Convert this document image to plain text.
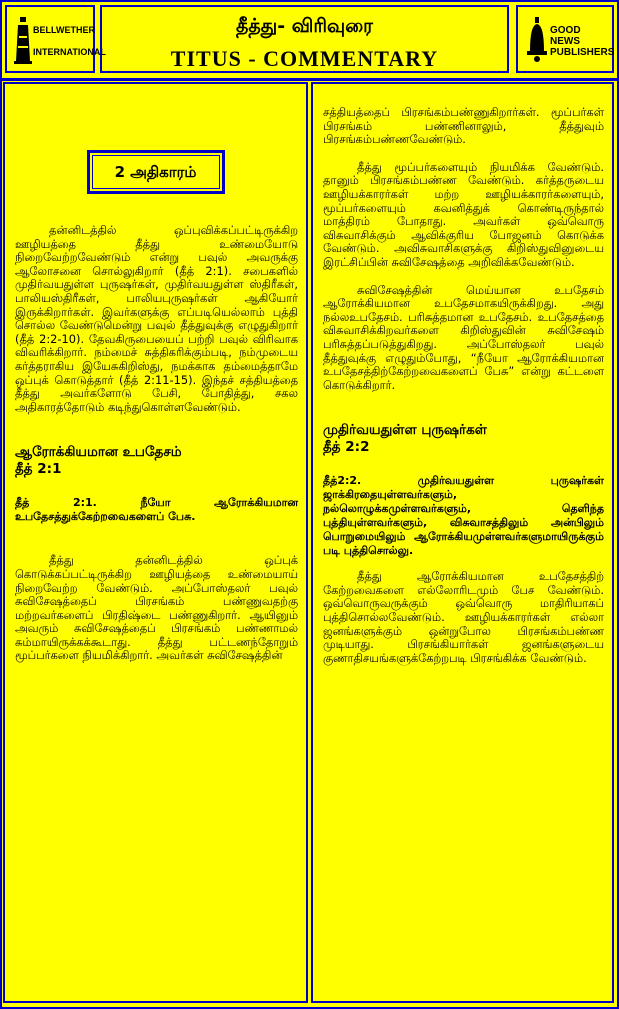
BELLWETHER
INTERNATIONAL
தீத்து- விரிவுரை
TITUS - COMMENTARY
GOOD NEWS
PUBLISHERS
2 அதிகாரம்

தன்னிடத்தில் ஒப்புவிக்கப்பட்டிருக்கிற ஊழியத்தை தீத்து உண்மையோடு நிறைவேற்றவேண்டும் என்று பவுல் அவருக்கு ஆலோசனை சொல்லுகிறார் (தீத் 2:1). சபைகளில் முதிர்வயதுள்ள புருஷர்கள், முதிர்வயதுள்ள ஸ்திரீகள், பாலியஸ்திரீகள், பாலியபுருஷர்கள் ஆகியோர் இருக்கிறார்கள். இவர்களுக்கு எப்படியெல்லாம் புத்தி சொல்ல வேண்டுமென்று பவுல் தீத்துவுக்கு எழுதுகிறார் (தீத் 2:2-10). தேவகிருபையைப் பற்றி பவுல் விரிவாக விவரிக்கிறார். நம்மைச் சுத்திகரிக்கும்படி, நம்முடைய கர்த்தராகிய இயேசுகிறிஸ்து, நமக்காக தம்மைத்தாமே ஒப்புக் கொடுத்தார் (தீத் 2:11-15). இந்தச் சத்தியத்தை தீத்து அவர்களோடு பேசி, போதித்து, சகல அதிகாரத்தோடும் கடிந்துகொள்ளவேண்டும்.

ஆரோக்கியமான உபதேசம்
தீத் 2:1

தீத் 2:1. நீயோ ஆரோக்கியமான உபதேசத்துக்கேற்றவைகளைப் பேசு.

தீத்து தன்னிடத்தில் ஒப்புக் கொடுக்கப்பட்டிருக்கிற ஊழியத்தை உண்மையாய் நிறைவேற்ற வேண்டும். அப்போஸ்தலர் பவுல் சுவிசேஷத்தைப் பிரசங்கம் பண்ணுவதற்கு மற்றவர்களைப் பிரதிஷ்டை பண்ணுகிறார். ஆயினும் அவரும் சுவிசேஷத்தைப் பிரசங்கம் பண்ணாமல் சும்மாயிருக்கக்கூடாது. தீத்து பட்டணந்தோறும் மூப்பர்களை நியமிக்கிறார். அவர்கள் சுவிசேஷத்தின்

சத்தியத்தைப் பிரசங்கம்பண்ணுகிறார்கள். மூப்பர்கள் பிரசங்கம் பண்ணினாலும், தீத்துவும் பிரசங்கம்பண்ணவேண்டும்.

தீத்து மூப்பர்களையும் நியமிக்க வேண்டும். தானும் பிரசங்கம்பண்ண வேண்டும். கர்த்தருடைய ஊழியக்காரர்கள் மற்ற ஊழியக்காரர்களையும், மூப்பர்களையும் கவனித்துக் கொண்டிருந்தால் மாத்திரம் போதாது. அவர்கள் ஒவ்வொரு விசுவாசிக்கும் ஆவிக்குரிய போஜனம் கொடுக்க வேண்டும். அவிசுவாசிகளுக்கு கிறிஸ்துவினுடைய இரட்சிப்பின் சுவிசேஷத்தை அறிவிக்கவேண்டும்.

சுவிசேஷத்தின் மெய்யான உபதேசம் ஆரோக்கியமான உபதேசமாகயிருக்கிறது. அது நல்லஉபதேசம். பரிசுத்தமான உபதேசம். உபதேசத்தை விசுவாசிக்கிறவர்களை கிறிஸ்துவின் சுவிசேஷம் பரிசுத்தப்படுத்துகிறது. அப்போஸ்தலர் பவுல் தீத்துவுக்கு எழுதும்போது, “நீயோ ஆரோக்கியமான உபதேசத்திற்கேற்றவைகளைப் பேசு” என்று கட்டளை கொடுக்கிறார்.

முதிர்வயதுள்ள புருஷர்கள்
தீத் 2:2

தீத்2:2. முதிர்வயதுள்ள புருஷர்கள் ஜாக்கிரதையுள்ளவர்களும், நல்லொழுக்கமுள்ளவர்களும், தெளிந்த புத்தியுள்ளவர்களும், விசுவாசத்திலும் அன்பிலும் பொறுமையிலும் ஆரோக்கியமுள்ளவர்களுமாயிருக்கும் படி புத்திசொல்லு.

தீத்து ஆரோக்கியமான உபதேசத்திற் கேற்றவைகளை எல்லோரிடமும் பேச வேண்டும். ஒவ்வொருவருக்கும் ஒவ்வொரு மாதிரியாகப் புத்திசொல்லவேண்டும். ஊழியக்காரர்கள் எல்லா ஜனங்களுக்கும் ஒன்றுபோல பிரசங்கம்பண்ண முடியாது. பிரசங்கியார்கள் ஜனங்களுடைய குணாதிசயங்களுக்கேற்றபடி பிரசங்கிக்க வேண்டும்.
